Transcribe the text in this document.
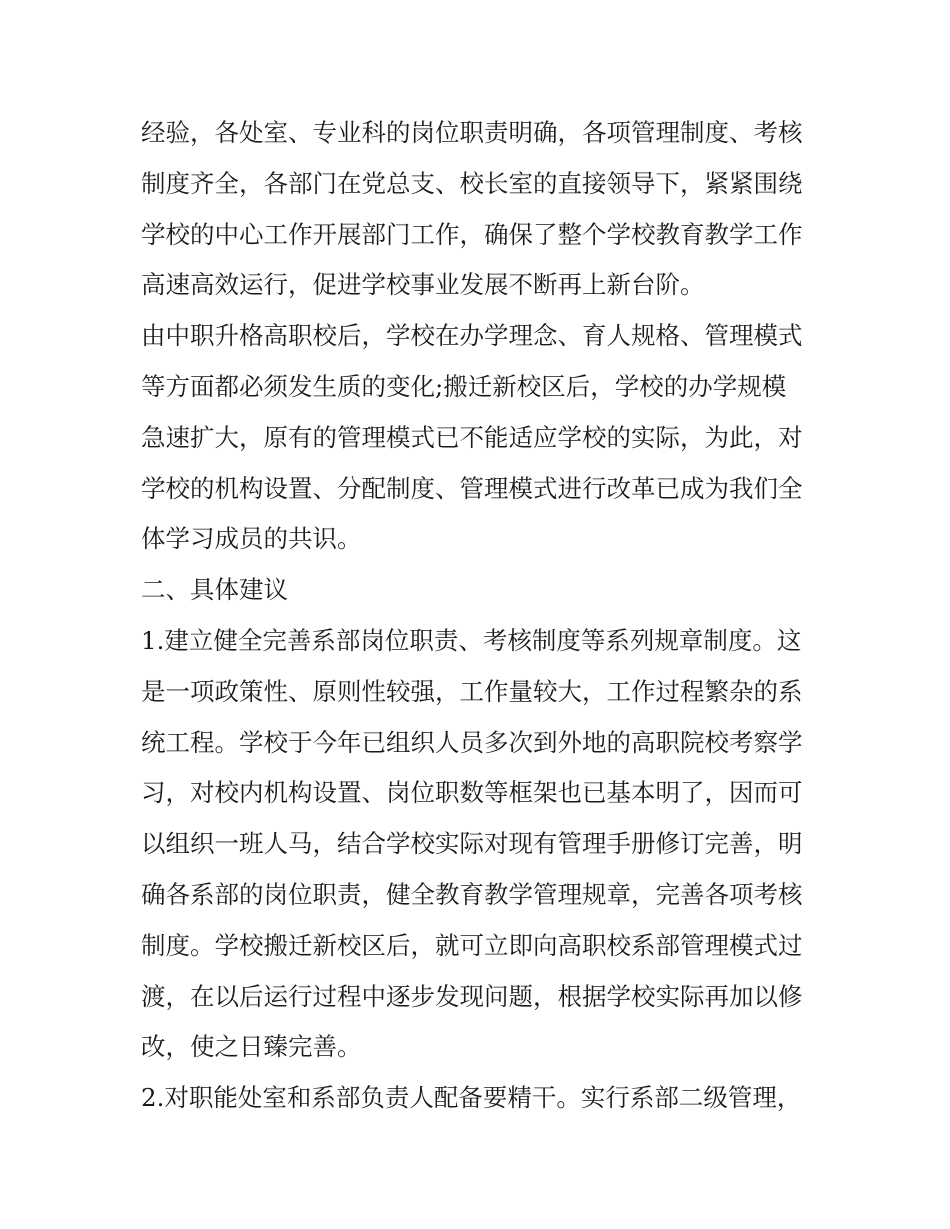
经验，各处室、专业科的岗位职责明确，各项管理制度、考核

制度齐全，各部门在党总支、校长室的直接领导下，紧紧围绕

学校的中心工作开展部门工作，确保了整个学校教育教学工作

高速高效运行，促进学校事业发展不断再上新台阶。

由中职升格高职校后，学校在办学理念、育人规格、管理模式

等方面都必须发生质的变化;搬迁新校区后，学校的办学规模

急速扩大，原有的管理模式已不能适应学校的实际，为此，对

学校的机构设置、分配制度、管理模式进行改革已成为我们全

体学习成员的共识。

二、具体建议

1.建立健全完善系部岗位职责、考核制度等系列规章制度。这

是一项政策性、原则性较强，工作量较大，工作过程繁杂的系

统工程。学校于今年已组织人员多次到外地的高职院校考察学

习，对校内机构设置、岗位职数等框架也已基本明了，因而可

以组织一班人马，结合学校实际对现有管理手册修订完善，明

确各系部的岗位职责，健全教育教学管理规章，完善各项考核

制度。学校搬迁新校区后，就可立即向高职校系部管理模式过

渡，在以后运行过程中逐步发现问题，根据学校实际再加以修

改，使之日臻完善。

2.对职能处室和系部负责人配备要精干。实行系部二级管理，
